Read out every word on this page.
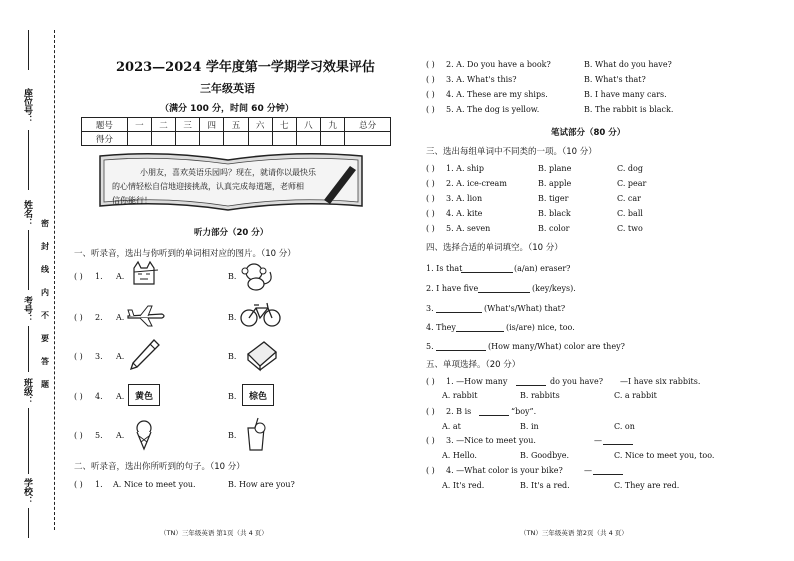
座位号：
姓名：
考号：
班级：
学校：
密
封
线
内
不
要
答
题
2023—2024 学年度第一学期学习效果评估
三年级英语
（满分 100 分，时间 60 分钟）
题号	一	二	三	四	五	六	七	八	九	总分
得分										
小朋友，喜欢英语乐园吗？现在，就请你以最快乐
的心情轻松自信地迎接挑战，认真完成每道题，老师相
信你能行！
听力部分（20 分）
一、听录音，选出与你听到的单词相对应的图片。（10 分）
( ) 1. A.	B.
( ) 2. A.	B.
( ) 3. A.	B.
( ) 4. A.	黄色	B.	棕色
( ) 5. A.	B.
二、听录音，选出你所听到的句子。（10 分）
( ) 1. A. Nice to meet you.	B. How are you?
（TN）三年级英语 第1页（共 4 页）
( ) 2. A. Do you have a book?	B. What do you have?
( ) 3. A. What's this?	B. What's that?
( ) 4. A. These are my ships.	B. I have many cars.
( ) 5. A. The dog is yellow.	B. The rabbit is black.
笔试部分（80 分）
三、选出每组单词中不同类的一项。（10 分）
( ) 1. A. ship	B. plane	C. dog
( ) 2. A. ice-cream	B. apple	C. pear
( ) 3. A. lion	B. tiger	C. car
( ) 4. A. kite	B. black	C. ball
( ) 5. A. seven	B. color	C. two
四、选择合适的单词填空。（10 分）
1. Is that	(a/an) eraser?
2. I have five	(key/keys).
3.	(What's/What) that?
4. They	(is/are) nice, too.
5.	(How many/What) color are they?
五、单项选择。（20 分）
( ) 1. —How many	do you have? —I have six rabbits.
A. rabbit	B. rabbits	C. a rabbit
( ) 2. B is	“boy”.
A. at	B. in	C. on
( ) 3. —Nice to meet you.	—
A. Hello.	B. Goodbye.	C. Nice to meet you, too.
( ) 4. —What color is your bike?	—
A. It's red.	B. It's a red.	C. They are red.
（TN）三年级英语 第2页（共 4 页）
